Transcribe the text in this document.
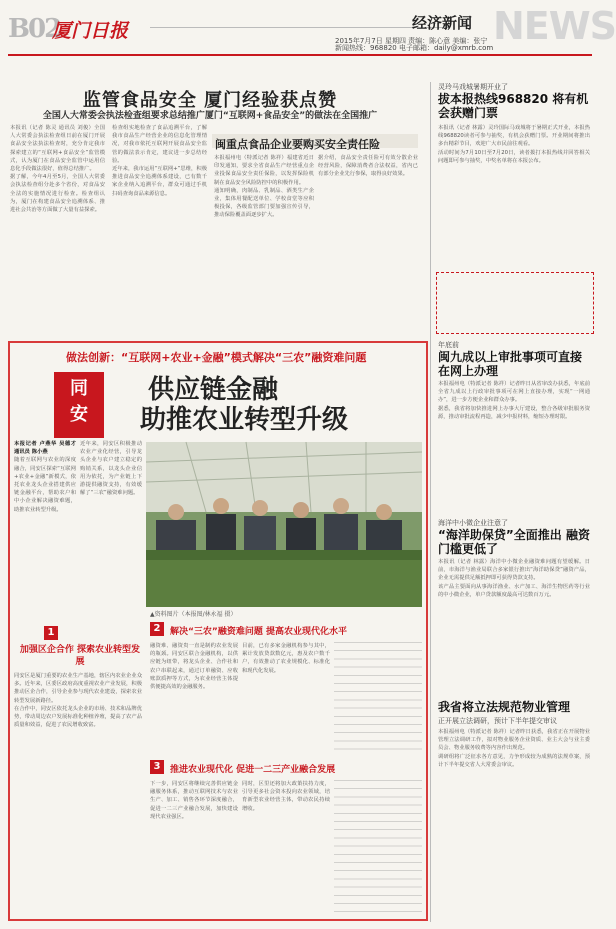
B02
厦门日报	经济新闻 NEWS
2015年7月7日 星期四 责编：陈心意 美编：张宁
新闻热线：968820 电子邮箱：daily@xmrb.com
监管食品安全 厦门经验获点赞
全国人大常委会执法检查组要求总结推广厦门“互联网+食品安全”的做法在全国推广
本报讯（记者 陈灵 通讯员 刘俊）全国人大常委会执法检查组日前在厦门开展食品安全法执法检查时，充分肯定我市探索建立的“互联网+食品安全”监管模式，认为厦门在食品安全监管中运用信息化手段做法很好，值得总结推广。
据了解，今年4月至5月，全国人大常委会执法检查组分赴多个省份，对食品安全法的实施情况进行检查。检查组认为，厦门在构建食品安全追溯体系、推进社会共治等方面做了大量有益探索。
检查组实地检查了食品追溯平台，了解我市食品生产经营企业的信息化管理情况，对我市依托互联网开展食品安全监管的做法表示肯定，建议进一步总结经验。
近年来，我市运用“互联网+”思维，积极推进食品安全追溯体系建设，已有数千家企业纳入追溯平台，群众可通过手机扫码查询食品来源信息。
闽重点食品企业要购买安全责任险
本报福州电（特派记者 陈祥）福建省近日印发通知，要求全省食品生产经营重点企业投保食品安全责任保险，以发挥保险机制在食品安全风险防控中的积极作用。
通知明确，肉制品、乳制品、酒类生产企业，集体用餐配送单位、学校食堂等应积极投保，各级监管部门要加强宣传引导，推动保险覆盖面逐步扩大。
据介绍，食品安全责任险可有效分散企业经营风险，保障消费者合法权益，省内已有部分企业先行参保，取得良好效果。
灵玲马戏城暑期开业了
拔本报热线968820 将有机会获赠门票
本报讯（记者 林露）灵玲国际马戏城将于暑期正式开业，本报热线968820读者可参与抽奖，有机会获赠门票。开业期间将推出多台精彩节目，欢迎广大市民前往观看。
活动时间为7月10日至7月20日，读者拨打本报热线并回答相关问题即可参与抽奖，中奖名单将在本报公布。
年底前
闽九成以上审批事项可直接在网上办理
本报福州电（特派记者 陈祥）记者昨日从省审改办获悉，年底前全省九成以上行政审批事项可在网上直接办理，实现“一网通办”，进一步方便企业和群众办事。
据悉，我省将加快推进网上办事大厅建设，整合各级审批服务资源，推动审批流程再造，减少申报材料，缩短办理时限。
海洋中小微企业注意了
“海洋助保贷”全面推出 融资门槛更低了
本报讯（记者 林露）海洋中小微企业融资难问题有望缓解。日前，市海洋与渔业局联合多家银行推出“海洋助保贷”融资产品，企业无需提供足额抵押即可获得贷款支持。
该产品主要面向从事海洋渔业、水产加工、海洋生物医药等行业的中小微企业，单户贷款额度最高可达数百万元。
我省将立法规范物业管理
正开展立法调研，预计下半年提交审议
本报福州电（特派记者 陈祥）记者昨日获悉，我省正在开展物业管理立法调研工作，拟对物业服务企业资质、业主大会与业主委员会、物业服务收费等内容作出规范。
调研组将广泛征求各方意见，力争形成较为成熟的法规草案，预计下半年提交省人大常委会审议。
做法创新：“互联网+农业+金融”模式解决“三农”融资难问题
同安
供应链金融
助推农业转型升级
本报记者 卢燕华 吴德才 通讯员 陈小燕
随着互联网与农业的深度融合，同安区探索“互联网+农业+金融”新模式，依托农业龙头企业搭建供应链金融平台，帮助农户和中小企业解决融资难题，助推农业转型升级。
近年来，同安区积极推动农业产业化经营，引导龙头企业与农户建立稳定的购销关系，以龙头企业信用为依托，为产业链上下游提供融资支持，有效缓解了“三农”融资难问题。
▲资料图片（本报图/林永福 摄）
1
加强区企合作 探索农业转型发展
同安区是厦门重要的农业生产基地，辖区内农业企业众多。近年来，区委区政府高度重视农业产业发展，积极推动区企合作，引导企业参与现代农业建设，探索农业转型发展新路径。
在合作中，同安区依托龙头企业的市场、技术和品牌优势，带动周边农户发展标准化种植养殖，提高了农产品质量和效益，促进了农民增收致富。
2	解决“三农”融资难问题 提高农业现代化水平
融资难、融资贵一直是制约农业发展的瓶颈。同安区联合金融机构，以供应链为纽带，将龙头企业、合作社和农户串联起来，通过订单融资、应收账款质押等方式，为农业经营主体提供便捷高效的金融服务。
目前，已有多家金融机构参与其中，累计发放贷款数亿元，惠及农户数千户，有效推动了农业规模化、标准化和现代化发展。
3	推进农业现代化 促进一二三产业融合发展
下一步，同安区将继续完善供应链金融服务体系，推动互联网技术与农业生产、加工、销售各环节深度融合，促进一二三产业融合发展，加快建设现代农业强区。
同时，区里还将加大政策扶持力度，引导更多社会资本投向农业领域，培育新型农业经营主体，带动农民持续增收。
